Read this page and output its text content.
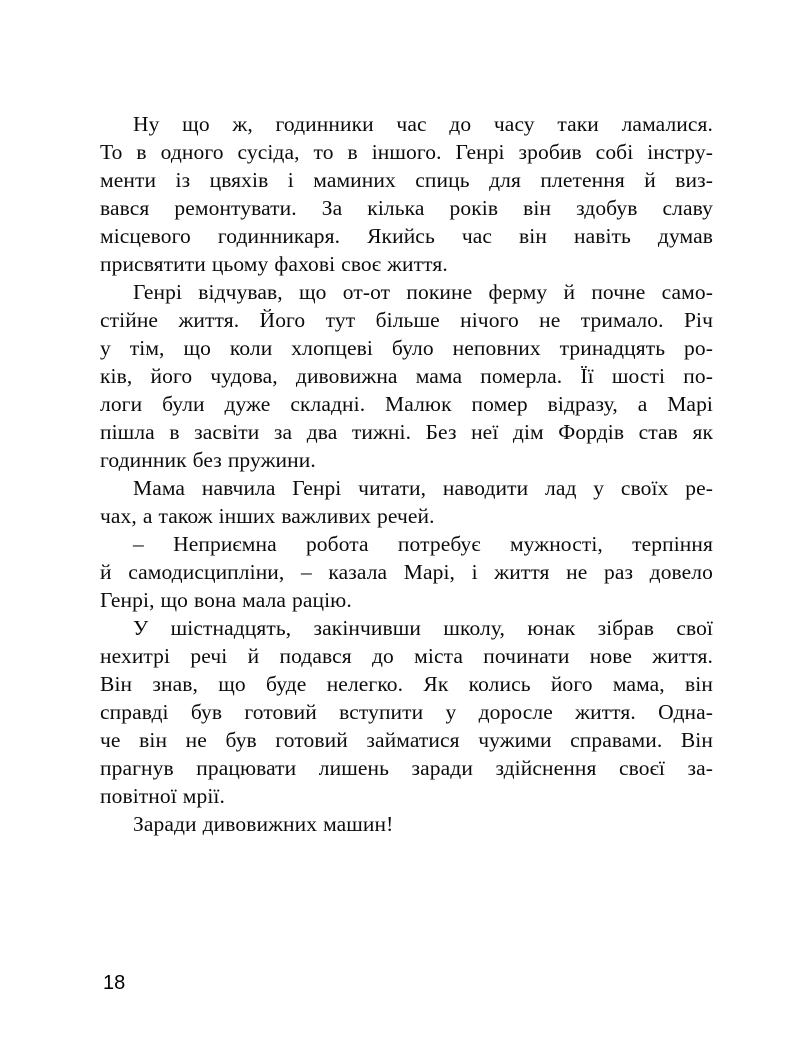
Ну що ж, годинники час до часу таки ламалися.
То в одного сусіда, то в іншого. Генрі зробив собі інстру-
менти із цвяхів і маминих спиць для плетення й виз-
вався ремонтувати. За кілька років він здобув славу
місцевого годинникаря. Якийсь час він навіть думав
присвятити цьому фахові своє життя.
Генрі відчував, що от-от покине ферму й почне само-
стійне життя. Його тут більше нічого не тримало. Річ
у тім, що коли хлопцеві було неповних тринадцять ро-
ків, його чудова, дивовижна мама померла. Її шості по-
логи були дуже складні. Малюк помер відразу, а Марі
пішла в засвіти за два тижні. Без неї дім Фордів став як
годинник без пружини.
Мама навчила Генрі читати, наводити лад у своїх ре-
чах, а також інших важливих речей.
– Неприємна робота потребує мужності, терпіння
й самодисципліни, – казала Марі, і життя не раз довело
Генрі, що вона мала рацію.
У шістнадцять, закінчивши школу, юнак зібрав свої
нехитрі речі й подався до міста починати нове життя.
Він знав, що буде нелегко. Як колись його мама, він
справді був готовий вступити у доросле життя. Одна-
че він не був готовий займатися чужими справами. Він
прагнув працювати лишень заради здійснення своєї за-
повітної мрії.
Заради дивовижних машин!
18
